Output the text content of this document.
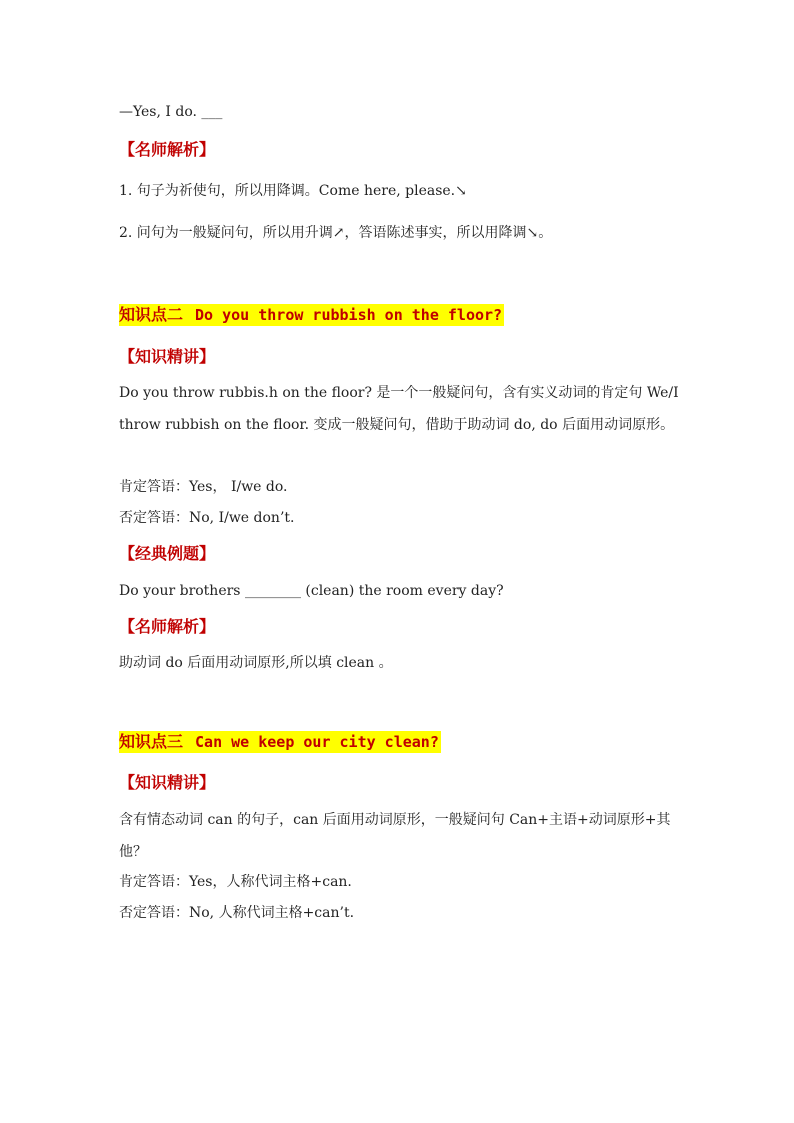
—Yes, I do. ___
【名师解析】
1. 句子为祈使句，所以用降调。Come here, please.↘
2. 问句为一般疑问句，所以用升调↗，答语陈述事实，所以用降调↘。
知识点二 Do you throw rubbish on the floor?
【知识精讲】
Do you throw rubbis.h on the floor? 是一个一般疑问句，含有实义动词的肯定句 We/I throw rubbish on the floor. 变成一般疑问句，借助于助动词 do, do 后面用动词原形。
肯定答语：Yes， I/we do.
否定答语：No, I/we don’t.
【经典例题】
Do your brothers ________ (clean) the room every day?
【名师解析】
助动词 do 后面用动词原形,所以填 clean 。
知识点三 Can we keep our city clean?
【知识精讲】
含有情态动词 can 的句子，can 后面用动词原形，一般疑问句 Can+主语+动词原形+其他？
肯定答语：Yes，人称代词主格+can.
否定答语：No, 人称代词主格+can’t.
